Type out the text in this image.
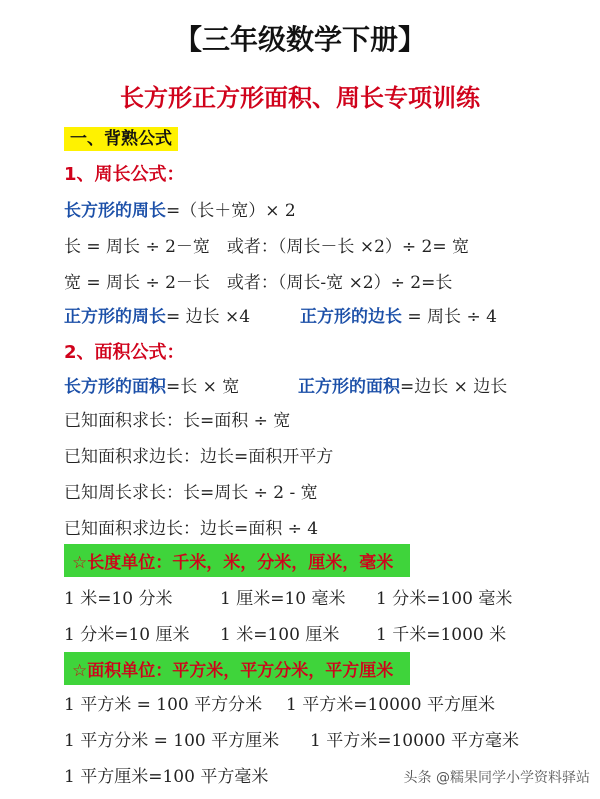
【三年级数学下册】
长方形正方形面积、周长专项训练
一、背熟公式
1、周长公式：
长方形的周长=（长＋宽）× 2
长 = 周长 ÷ 2－宽　或者：（周长－长 ×2）÷ 2= 宽
宽 = 周长 ÷ 2－长　或者：（周长-宽 ×2）÷ 2=长
正方形的周长= 边长 ×4	正方形的边长 = 周长 ÷ 4
2、面积公式：
长方形的面积=长 × 宽	正方形的面积=边长 × 边长
已知面积求长：长=面积 ÷ 宽
已知面积求边长：边长=面积开平方
已知周长求长：长=周长 ÷ 2 - 宽
已知面积求边长：边长=面积 ÷ 4
☆长度单位：千米，米，分米，厘米，毫米
1 米=10 分米	1 厘米=10 毫米 1 分米=100 毫米
1 分米=10 厘米 1 米=100 厘米 1 千米=1000 米
☆面积单位：平方米，平方分米，平方厘米
1 平方米 = 100 平方分米 1 平方米=10000 平方厘米
1 平方分米 = 100 平方厘米 1 平方米=10000 平方毫米
1 平方厘米=100 平方毫米	头条 @糯果同学小学资料驿站
